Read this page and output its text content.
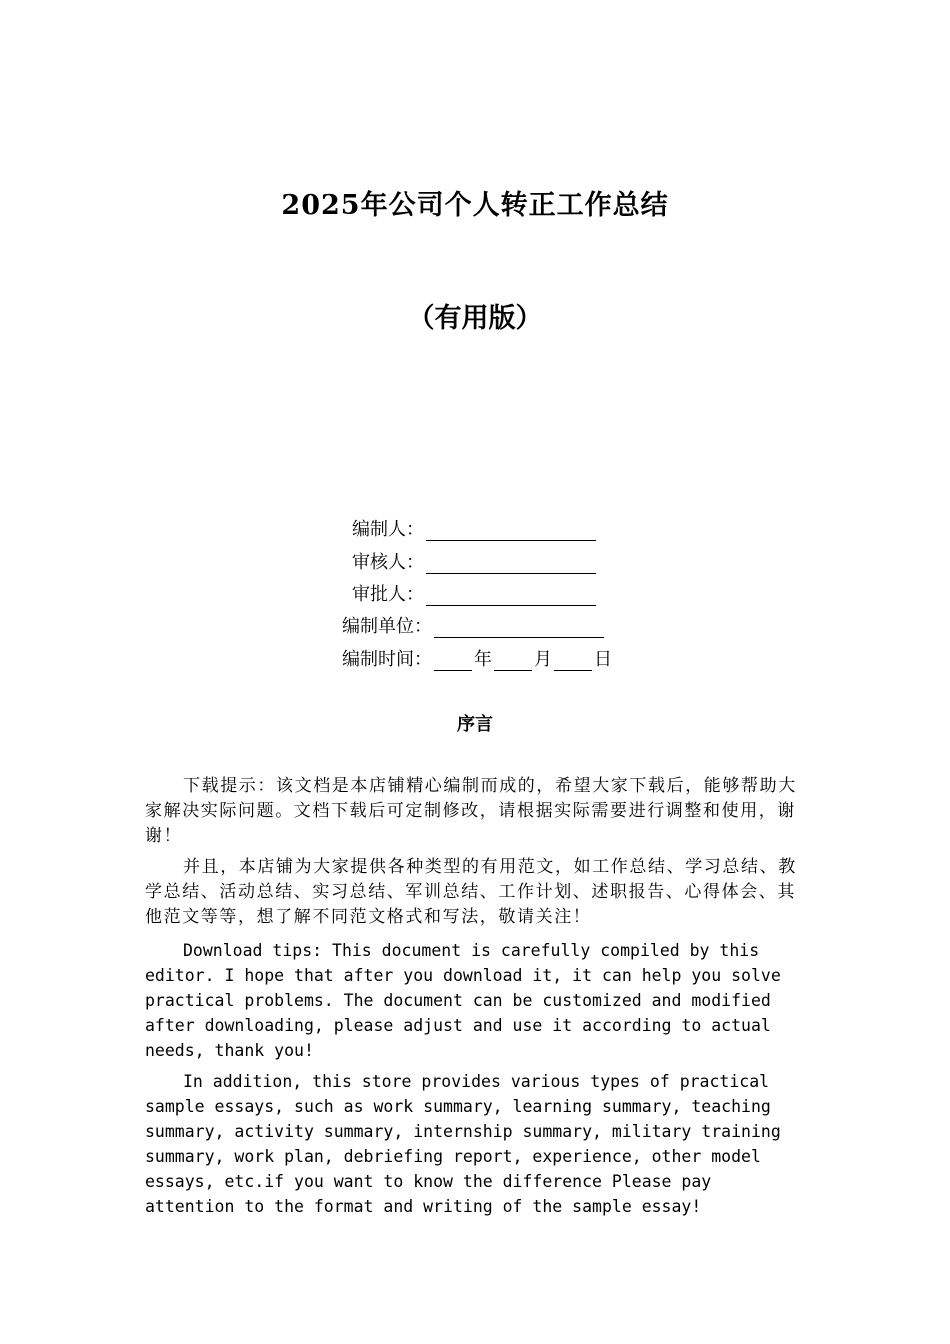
2025年公司个人转正工作总结
（有用版）
编制人：
审核人：
审批人：
编制单位：
编制时间： 年 月 日
序言

下载提示：该文档是本店铺精心编制而成的，希望大家下载后，能够帮助大家解决实际问题。文档下载后可定制修改，请根据实际需要进行调整和使用，谢谢！

并且，本店铺为大家提供各种类型的有用范文，如工作总结、学习总结、教学总结、活动总结、实习总结、军训总结、工作计划、述职报告、心得体会、其他范文等等，想了解不同范文格式和写法，敬请关注！

Download tips: This document is carefully compiled by this editor. I hope that after you download it, it can help you solve practical problems. The document can be customized and modified after downloading, please adjust and use it according to actual needs, thank you!

In addition, this store provides various types of practical sample essays, such as work summary, learning summary, teaching summary, activity summary, internship summary, military training summary, work plan, debriefing report, experience, other model essays, etc.if you want to know the difference Please pay attention to the format and writing of the sample essay!
